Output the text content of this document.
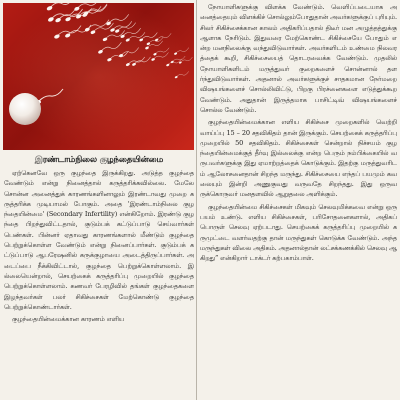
இரண்டாம்நிலை குழந்தையின்மை

ஏற்கெனவே ஒரு குழந்தை இருக்கிறது. அடுத்த குழந்தை வேண்டும் என்று நினைத்தால் கருத்தரிக்கவில்லை. மேலே சொன்ன அனைத்துக் காரணங்களினாலும் இரண்டாவது முறை கருத்தரிக்க முடியாமல் போகும். அதை 'இரண்டாம்நிலை குழந்தையின்மை' (Secondary Infertility) என்கிறோம். இரண்டு குழந்தை பிறந்துவிட்டதால், குடும்பக் கட்டுப்பாடு செய்வார்கள் பெண்கள். பின்னர் ஏதாவது காரணங்களால் மீண்டும் குழந்தை பெற்றுக்கொள்ள வேண்டும் என்று நினைப்பார்கள். குடும்பக் கட்டுப்பாடு ஆபரேஷனில் கருக்குழாயை அடைத்திருப்பார்கள். அடைப்பை நீக்கிவிட்டால், குழந்தை பெற்றுக்கொள்ளலாம். இல்லையென்றால், செயற்கைக் கருத்தரிப்பு முறையில் குழந்தை பெற்றுக்கொள்ளலாம். கணவர் பேரழிவில் தங்கள் குழந்தைகளை இழந்தவர்கள் பலர் சிகிச்சைகள் மேற்கொண்டு குழந்தை பெற்றுக்கொண்டார்கள்.

குழந்தையின்மைக்கான காரணம் எளிய

நோயாளிகளுக்கு விளக்க வேண்டும். வெளிப்படையாக அனைத்தையும் விளக்கிச் சொல்லும்போதுதான் அவர்களுக்குப் புரியும். சிலர் சிகிச்சைக்கான காலம் அதிகரிப்பதால் திடீர் மன அழுத்தத்துக்கு ஆளாக நேரிடும். இதுவரை மேற்கொண்ட சிகிச்சையே போதும் என்ற மனநிலைக்கு வந்துவிடுவார்கள். அவர்களிடம் உண்மை நிலவரத்தைக் கூறி, சிகிச்சையைத் தொடரவைக்க வேண்டும். முதலில் நோயாளிகளிடம் மருத்துவர் குறைகளைச் சொன்னால் தளர்ந்துவிடுவார்கள். அதனால் அவர்களுக்குச் சாதகமான நேர்மறை விஷயங்களைச் சொல்லிவிட்டு, பிறகு பிரச்னைகளை எடுத்துக்கூற வேண்டும். அதுதான் இருத்தமாக பாசிட்டிவ் விஷயங்களைச் சொல்ல வேண்டும்.

குழந்தையின்மைக்கான எளிய சிகிச்சை முறைகளில் வெற்றி வாய்ப்பு 15 – 20 சதவிகிதம் தான் இருக்கும். செயற்கைக் கருத்தரிப்பு முறையில் 50 சதவிகிதம். சிகிச்சைகள் சென்றால் நிச்சயம் குழந்தையின்மைக்குத் தீர்வு இல்லைக்கு என்ற பெரும் நம்பிக்கையில் வருபவர்களுக்கு இது ஏமாற்றத்தைக் கொடுக்கும். இதற்கு மருத்துவரிடம் ஆலோசனைதான் சிறந்த மருந்து. சிகிச்சையை எந்தப் பயமும் கவலையும் இன்றி அணுகுவது வருவதே சிறந்தது. இது ஒருவருக்கொருவர் மனதளவில் ஆறுதலை அளிக்கும்.

குழந்தையின்மை சிகிச்சைகள் மிகவும் செலவுமிக்கவை என்று ஒரு பயம் உண்டு. எளிய சிகிச்சைகள், பரிசோதனைகளால், அதிகப் பொருள் செலவு ஏற்படாது. செயற்கைக் கருத்தரிப்பு முறையில் கருமுட்டை வளர்வதற்கு தான் மருந்துகள் கொடுக்க வேண்டும். அந்த மருந்துகள் விலை அதிகம். அதனால்தான் லட்சக்கணக்கில் செலவு ஆகிறது” என்கிறார் டாக்டர் கற்பகாம்பாள்.
